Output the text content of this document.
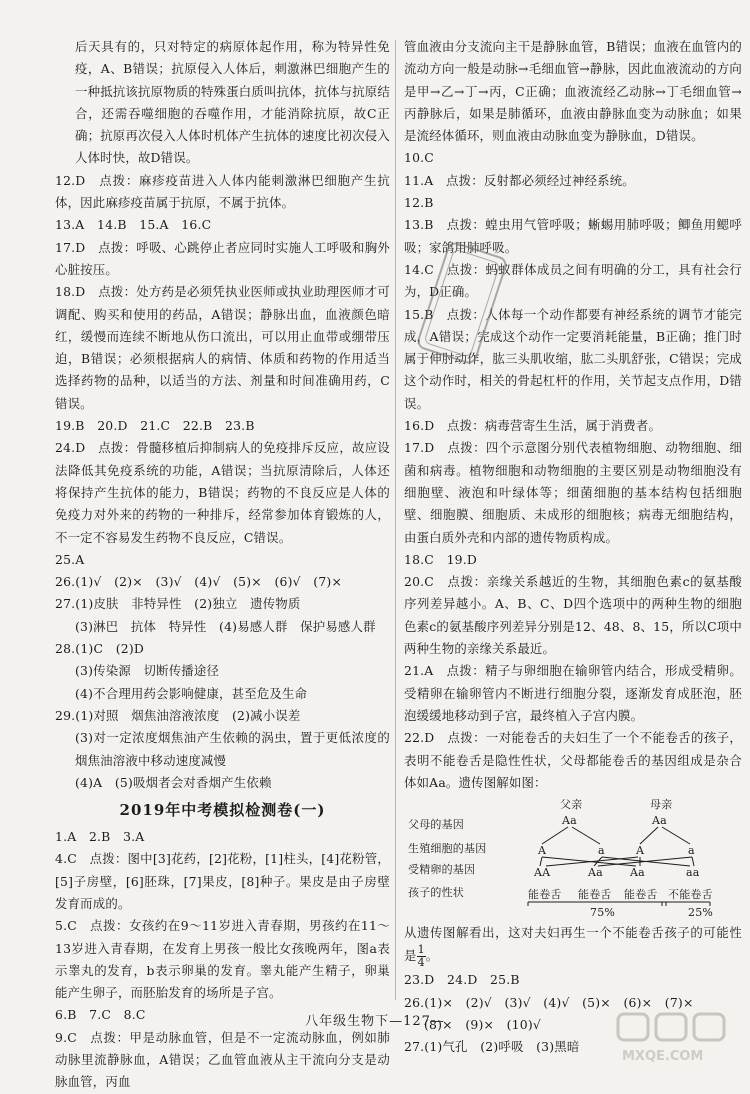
后天具有的，只对特定的病原体起作用，称为特异性免疫，A、B错误；抗原侵入人体后，刺激淋巴细胞产生的一种抵抗该抗原物质的特殊蛋白质叫抗体，抗体与抗原结合，还需吞噬细胞的吞噬作用，才能消除抗原，故C正确；抗原再次侵入人体时机体产生抗体的速度比初次侵入人体时快，故D错误。

12.D　点拨：麻疹疫苗进入人体内能刺激淋巴细胞产生抗体，因此麻疹疫苗属于抗原，不属于抗体。

13.A　14.B　15.A　16.C

17.D　点拨：呼吸、心跳停止者应同时实施人工呼吸和胸外心脏按压。

18.D　点拨：处方药是必须凭执业医师或执业助理医师才可调配、购买和使用的药品，A错误；静脉出血，血液颜色暗红，缓慢而连续不断地从伤口流出，可以用止血带或绷带压迫，B错误；必须根据病人的病情、体质和药物的作用适当选择药物的品种，以适当的方法、剂量和时间准确用药，C错误。

19.B　20.D　21.C　22.B　23.B

24.D　点拨：骨髓移植后抑制病人的免疫排斥反应，故应设法降低其免疫系统的功能，A错误；当抗原清除后，人体还将保持产生抗体的能力，B错误；药物的不良反应是人体的免疫力对外来的药物的一种排斥，经常参加体育锻炼的人，不一定不容易发生药物不良反应，C错误。

25.A

26.(1)√　(2)×　(3)√　(4)√　(5)×　(6)√　(7)×

27.(1)皮肤　非特异性　(2)独立　遗传物质

(3)淋巴　抗体　特异性　(4)易感人群　保护易感人群

28.(1)C　(2)D

(3)传染源　切断传播途径

(4)不合理用药会影响健康，甚至危及生命

29.(1)对照　烟焦油溶液浓度　(2)减小误差

(3)对一定浓度烟焦油产生依赖的涡虫，置于更低浓度的烟焦油溶液中移动速度减慢

(4)A　(5)吸烟者会对香烟产生依赖

2019年中考模拟检测卷(一)

1.A　2.B　3.A

4.C　点拨：图中[3]花药，[2]花粉，[1]柱头，[4]花粉管，[5]子房壁，[6]胚珠，[7]果皮，[8]种子。果皮是由子房壁发育而成的。

5.C　点拨：女孩约在9～11岁进入青春期，男孩约在11～13岁进入青春期，在发育上男孩一般比女孩晚两年，图a表示睾丸的发育，b表示卵巢的发育。睾丸能产生精子，卵巢能产生卵子，而胚胎发育的场所是子宫。

6.B　7.C　8.C

9.C　点拨：甲是动脉血管，但是不一定流动脉血，例如肺动脉里流静脉血，A错误；乙血管血液从主干流向分支是动脉血管，丙血

管血液由分支流向主干是静脉血管，B错误；血液在血管内的流动方向一般是动脉→毛细血管→静脉，因此血液流动的方向是甲→乙→丁→丙，C正确；血液流经乙动脉→丁毛细血管→丙静脉后，如果是肺循环，血液由静脉血变为动脉血；如果是流经体循环，则血液由动脉血变为静脉血，D错误。

10.C

11.A　点拨：反射都必须经过神经系统。

12.B

13.B　点拨：蝗虫用气管呼吸；蜥蜴用肺呼吸；鲫鱼用鳃呼吸；家鸽用肺呼吸。

14.C　点拨：蚂蚁群体成员之间有明确的分工，具有社会行为，D正确。

15.B　点拨：人体每一个动作都要有神经系统的调节才能完成，A错误；完成这个动作一定要消耗能量，B正确；推门时属于伸肘动作，肱三头肌收缩，肱二头肌舒张，C错误；完成这个动作时，相关的骨起杠杆的作用，关节起支点作用，D错误。

16.D　点拨：病毒营寄生生活，属于消费者。

17.D　点拨：四个示意图分别代表植物细胞、动物细胞、细菌和病毒。植物细胞和动物细胞的主要区别是动物细胞没有细胞壁、液泡和叶绿体等；细菌细胞的基本结构包括细胞壁、细胞膜、细胞质、未成形的细胞核；病毒无细胞结构，由蛋白质外壳和内部的遗传物质构成。

18.C　19.D

20.C　点拨：亲缘关系越近的生物，其细胞色素c的氨基酸序列差异越小。A、B、C、D四个选项中的两种生物的细胞色素c的氨基酸序列差异分别是12、48、8、15，所以C项中两种生物的亲缘关系最近。

21.A　点拨：精子与卵细胞在输卵管内结合，形成受精卵。受精卵在输卵管内不断进行细胞分裂，逐渐发育成胚泡，胚泡缓缓地移动到子宫，最终植入子宫内膜。

22.D　点拨：一对能卷舌的夫妇生了一个不能卷舌的孩子，表明不能卷舌是隐性性状，父母都能卷舌的基因组成是杂合体如Aa。遗传图解如图：

父母的基因
生殖细胞的基因
受精卵的基因
孩子的性状
父亲	母亲
Aa	Aa
A	a	A	a
AA	Aa Aa	aa
能卷舌 能卷舌 能卷舌 不能卷舌
75%	25%

从遗传图解看出，这对夫妇再生一个不能卷舌孩子的可能性是 $\frac{1}{4}$ 。

23.D　24.D　25.B

26.(1)×　(2)√　(3)√　(4)√　(5)×　(6)×　(7)×

(8)×　(9)×　(10)√

27.(1)气孔　(2)呼吸　(3)黑暗

八年级生物下—127—
MXQE.COM
